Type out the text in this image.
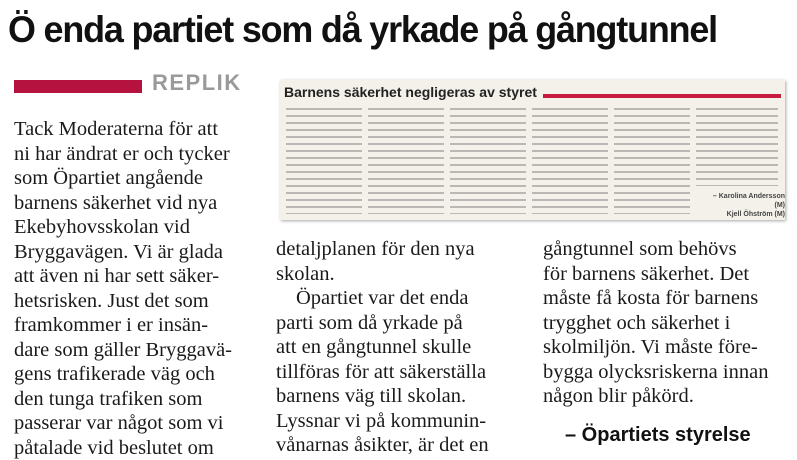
Ö enda partiet som då yrkade på gångtunnel
REPLIK	Barnens säkerhet negligeras av styret
– Karolina Andersson (M)
Kjell Öhström (M)
Tack Moderaterna för att
ni har ändrat er och tycker
som Öpartiet angående
barnens säkerhet vid nya
Ekebyhovsskolan vid
Bryggavägen. Vi är glada
att även ni har sett säker-
hetsrisken. Just det som
framkommer i er insän-
dare som gäller Bryggavä-
gens trafikerade väg och
den tunga trafiken som
passerar var något som vi
påtalade vid beslutet om
detaljplanen för den nya
skolan.
Öpartiet var det enda
parti som då yrkade på
att en gångtunnel skulle
tillföras för att säkerställa
barnens väg till skolan.
Lyssnar vi på kommunin-
vånarnas åsikter, är det en
gångtunnel som behövs
för barnens säkerhet. Det
måste få kosta för barnens
trygghet och säkerhet i
skolmiljön. Vi måste före-
bygga olycksriskerna innan
någon blir påkörd.
– Öpartiets styrelse
